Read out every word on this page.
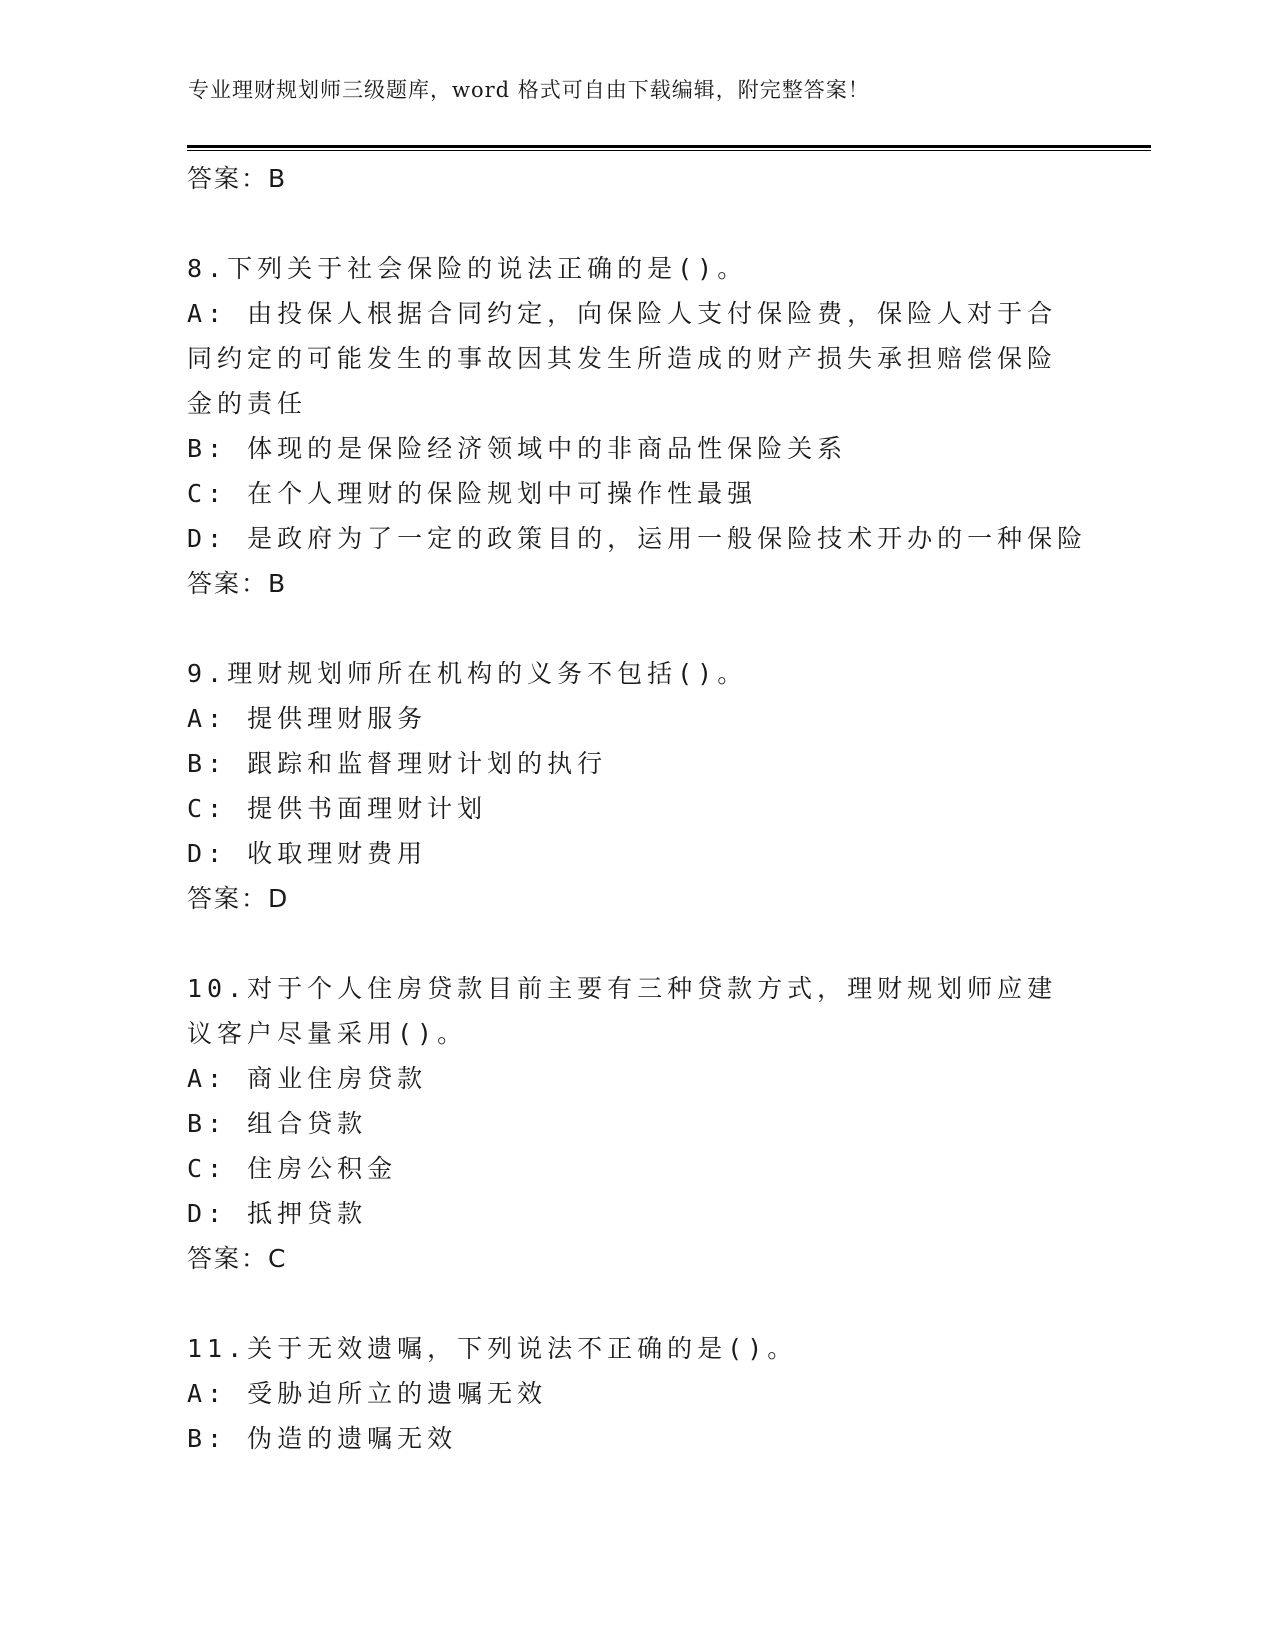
专业理财规划师三级题库，word 格式可自由下载编辑，附完整答案！
答案：B
8.下列关于社会保险的说法正确的是()。
A: 由投保人根据合同约定，向保险人支付保险费，保险人对于合同约定的可能发生的事故因其发生所造成的财产损失承担赔偿保险金的责任
B: 体现的是保险经济领域中的非商品性保险关系
C: 在个人理财的保险规划中可操作性最强
D: 是政府为了一定的政策目的，运用一般保险技术开办的一种保险
答案：B
9.理财规划师所在机构的义务不包括()。
A: 提供理财服务
B: 跟踪和监督理财计划的执行
C: 提供书面理财计划
D: 收取理财费用
答案：D
10.对于个人住房贷款目前主要有三种贷款方式，理财规划师应建议客户尽量采用()。
A: 商业住房贷款
B: 组合贷款
C: 住房公积金
D: 抵押贷款
答案：C
11.关于无效遗嘱，下列说法不正确的是()。
A: 受胁迫所立的遗嘱无效
B: 伪造的遗嘱无效
